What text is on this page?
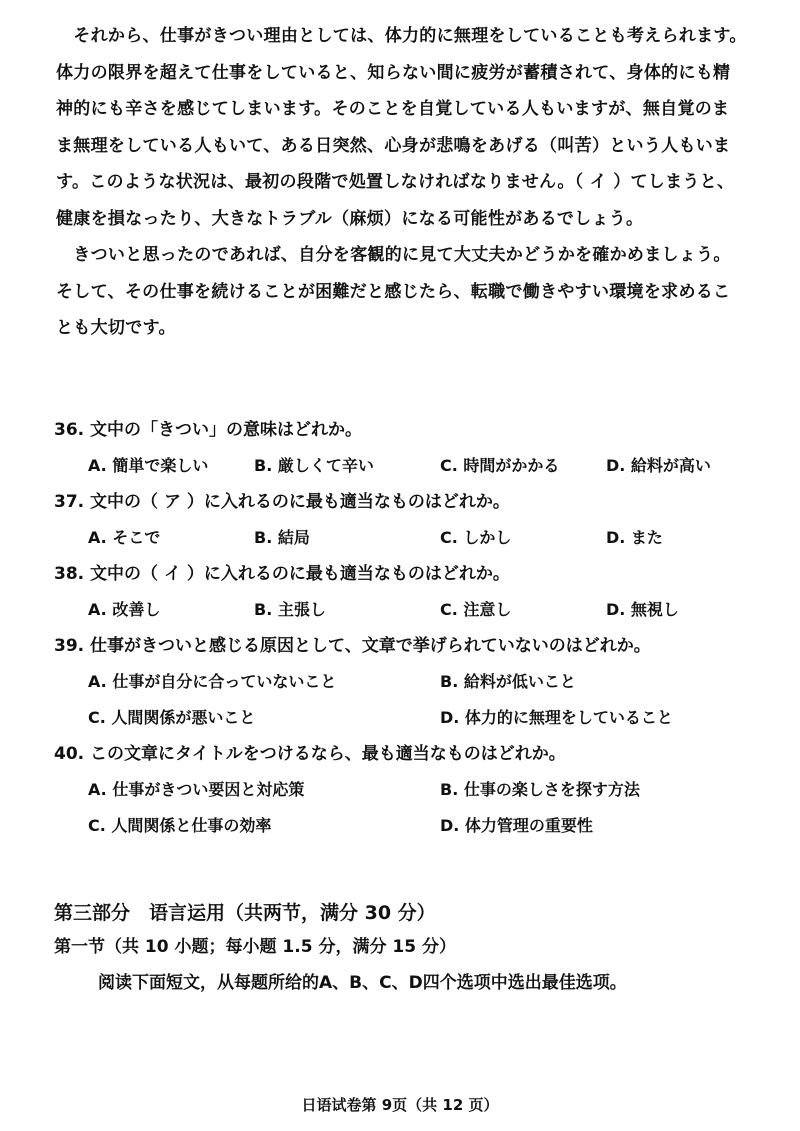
　それから、仕事がきつい理由としては、体力的に無理をしていることも考えられます。

体力の限界を超えて仕事をしていると、知らない間に疲労が蓄積されて、身体的にも精

神的にも辛さを感じてしまいます。そのことを自覚している人もいますが、無自覚のま

ま無理をしている人もいて、ある日突然、心身が悲鳴をあげる（叫苦）という人もいま

す。このような状況は、最初の段階で処置しなければなりません。（ イ ）てしまうと、

健康を損なったり、大きなトラブル（麻烦）になる可能性があるでしょう。

　きついと思ったのであれば、自分を客観的に見て大丈夫かどうかを確かめましょう。

そして、その仕事を続けることが困難だと感じたら、転職で働きやすい環境を求めるこ

とも大切です。

36. 文中の「きつい」の意味はどれか。
A. 簡単で楽しい	B. 厳しくて辛い	C. 時間がかかる	D. 給料が高い
37. 文中の（ ア ）に入れるのに最も適当なものはどれか。
A. そこで	B. 結局	C. しかし	D. また
38. 文中の（ イ ）に入れるのに最も適当なものはどれか。
A. 改善し	B. 主張し	C. 注意し	D. 無視し
39. 仕事がきついと感じる原因として、文章で挙げられていないのはどれか。
A. 仕事が自分に合っていないこと	B. 給料が低いこと
C. 人間関係が悪いこと	D. 体力的に無理をしていること
40. この文章にタイトルをつけるなら、最も適当なものはどれか。
A. 仕事がきつい要因と対応策	B. 仕事の楽しさを探す方法
C. 人間関係と仕事の効率	D. 体力管理の重要性
第三部分　语言运用（共两节，满分 30 分）
第一节（共 10 小题；每小题 1.5 分，满分 15 分）
阅读下面短文，从每题所给的A、B、C、D四个选项中选出最佳选项。
日语试卷第 9页（共 12 页）
